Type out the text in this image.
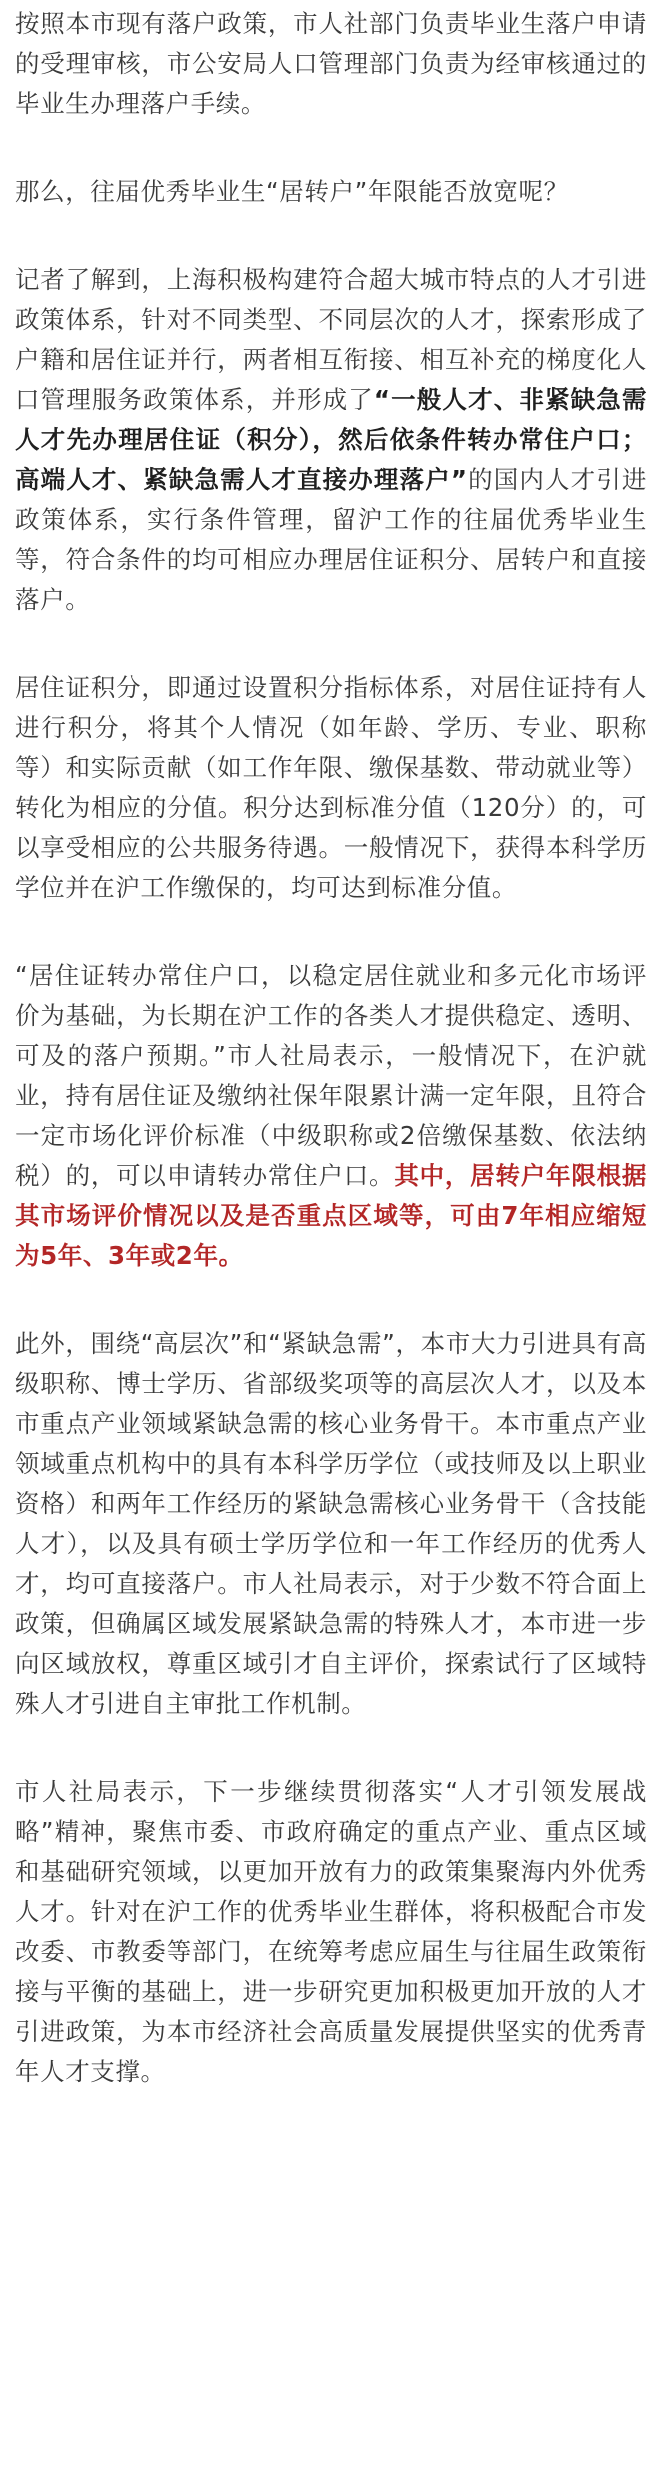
按照本市现有落户政策，市人社部门负责毕业生落户申请的受理审核，市公安局人口管理部门负责为经审核通过的毕业生办理落户手续。

那么，往届优秀毕业生“居转户”年限能否放宽呢？

记者了解到，上海积极构建符合超大城市特点的人才引进政策体系，针对不同类型、不同层次的人才，探索形成了户籍和居住证并行，两者相互衔接、相互补充的梯度化人口管理服务政策体系，并形成了“一般人才、非紧缺急需人才先办理居住证（积分），然后依条件转办常住户口；高端人才、紧缺急需人才直接办理落户”的国内人才引进政策体系，实行条件管理，留沪工作的往届优秀毕业生等，符合条件的均可相应办理居住证积分、居转户和直接落户。

居住证积分，即通过设置积分指标体系，对居住证持有人进行积分，将其个人情况（如年龄、学历、专业、职称等）和实际贡献（如工作年限、缴保基数、带动就业等）转化为相应的分值。积分达到标准分值（120分）的，可以享受相应的公共服务待遇。一般情况下，获得本科学历学位并在沪工作缴保的，均可达到标准分值。

“居住证转办常住户口，以稳定居住就业和多元化市场评价为基础，为长期在沪工作的各类人才提供稳定、透明、可及的落户预期。”市人社局表示，一般情况下，在沪就业，持有居住证及缴纳社保年限累计满一定年限，且符合一定市场化评价标准（中级职称或2倍缴保基数、依法纳税）的，可以申请转办常住户口。其中，居转户年限根据其市场评价情况以及是否重点区域等，可由7年相应缩短为5年、3年或2年。

此外，围绕“高层次”和“紧缺急需”，本市大力引进具有高级职称、博士学历、省部级奖项等的高层次人才，以及本市重点产业领域紧缺急需的核心业务骨干。本市重点产业领域重点机构中的具有本科学历学位（或技师及以上职业资格）和两年工作经历的紧缺急需核心业务骨干（含技能人才），以及具有硕士学历学位和一年工作经历的优秀人才，均可直接落户。市人社局表示，对于少数不符合面上政策，但确属区域发展紧缺急需的特殊人才，本市进一步向区域放权，尊重区域引才自主评价，探索试行了区域特殊人才引进自主审批工作机制。

市人社局表示，下一步继续贯彻落实“人才引领发展战略”精神，聚焦市委、市政府确定的重点产业、重点区域和基础研究领域，以更加开放有力的政策集聚海内外优秀人才。针对在沪工作的优秀毕业生群体，将积极配合市发改委、市教委等部门，在统筹考虑应届生与往届生政策衔接与平衡的基础上，进一步研究更加积极更加开放的人才引进政策，为本市经济社会高质量发展提供坚实的优秀青年人才支撑。
